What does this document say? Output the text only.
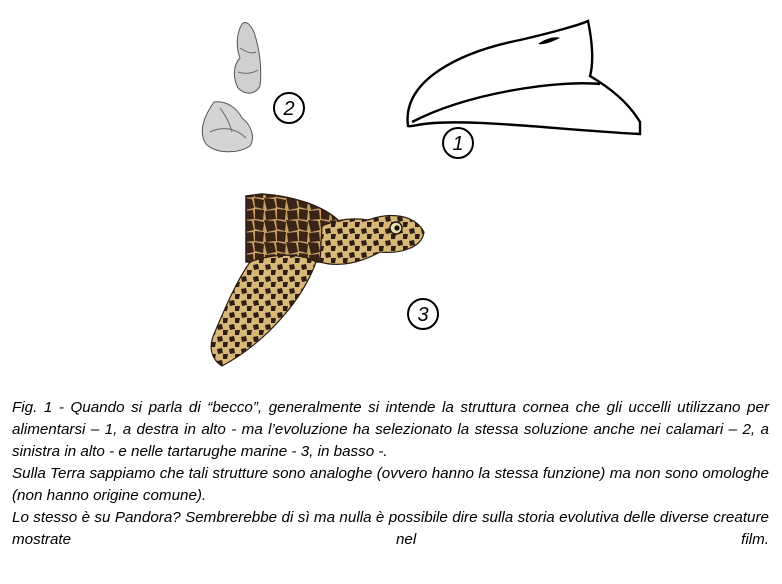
1
2
3

Fig. 1 - Quando si parla di “becco”, generalmente si intende la struttura cornea che gli uccelli utilizzano per alimentarsi – 1, a destra in alto - ma l’evoluzione ha selezionato la stessa soluzione anche nei calamari – 2, a sinistra in alto - e nelle tartarughe marine - 3, in basso -.

Sulla Terra sappiamo che tali strutture sono analoghe (ovvero hanno la stessa funzione) ma non sono omologhe (non hanno origine comune).

Lo stesso è su Pandora? Sembrerebbe di sì ma nulla è possibile dire sulla storia evolutiva delle diverse creature mostrate nel film.
